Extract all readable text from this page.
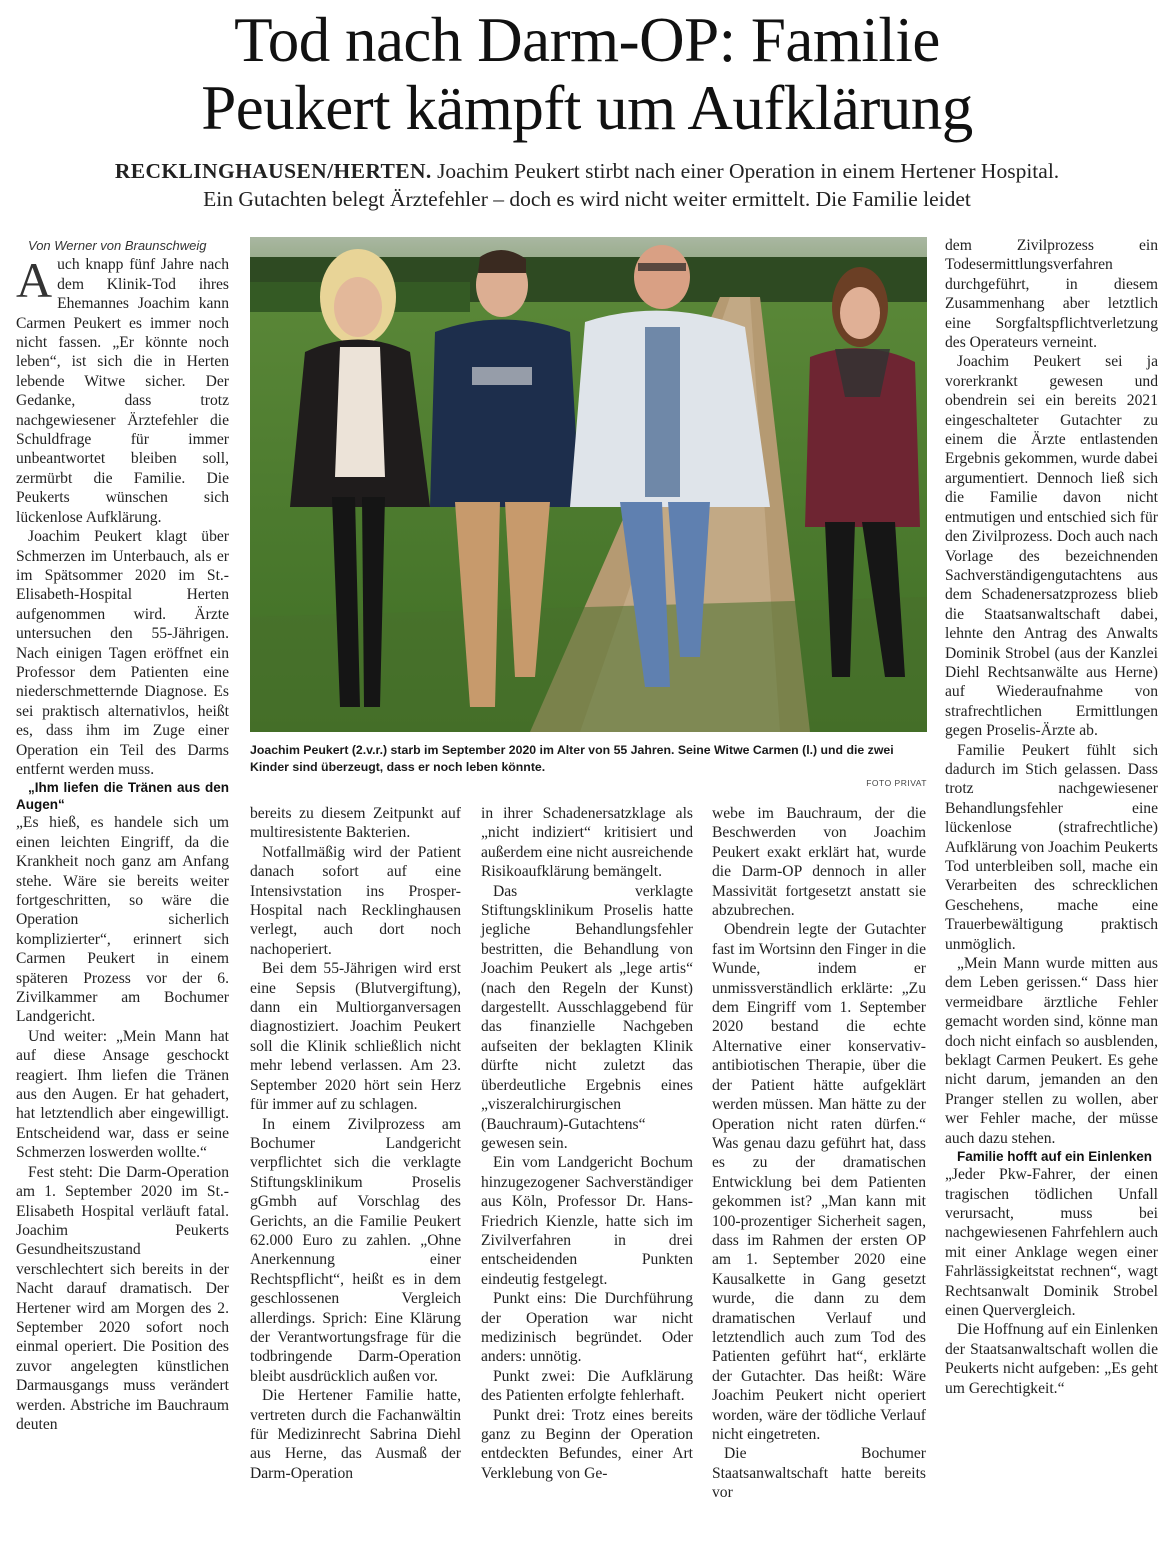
Tod nach Darm-OP: Familie
Peukert kämpft um Aufklärung

RECKLINGHAUSEN/HERTEN. Joachim Peukert stirbt nach einer Operation in einem Hertener Hospital.
Ein Gutachten belegt Ärztefehler – doch es wird nicht weiter ermittelt. Die Familie leidet

Von Werner von Braunschweig

Auch knapp fünf Jahre nach dem Klinik-Tod ihres Ehemannes Joachim kann Carmen Peukert es immer noch nicht fassen. „Er könnte noch leben“, ist sich die in Herten lebende Witwe sicher. Der Gedanke, dass trotz nachgewiesener Ärztefehler die Schuldfrage für immer unbeantwortet bleiben soll, zermürbt die Familie. Die Peukerts wünschen sich lückenlose Aufklärung.

Joachim Peukert klagt über Schmerzen im Unterbauch, als er im Spätsommer 2020 im St.-Elisabeth-Hospital Herten aufgenommen wird. Ärzte untersuchen den 55-Jährigen. Nach einigen Tagen eröffnet ein Professor dem Patienten eine niederschmetternde Diagnose. Es sei praktisch alternativlos, heißt es, dass ihm im Zuge einer Operation ein Teil des Darms entfernt werden muss.

„Ihm liefen die Tränen aus den Augen“

„Es hieß, es handele sich um einen leichten Eingriff, da die Krankheit noch ganz am Anfang stehe. Wäre sie bereits weiter fortgeschritten, so wäre die Operation sicherlich komplizierter“, erinnert sich Carmen Peukert in einem späteren Prozess vor der 6. Zivilkammer am Bochumer Landgericht.

Und weiter: „Mein Mann hat auf diese Ansage geschockt reagiert. Ihm liefen die Tränen aus den Augen. Er hat gehadert, hat letztendlich aber eingewilligt. Entscheidend war, dass er seine Schmerzen loswerden wollte.“

Fest steht: Die Darm-Operation am 1. September 2020 im St.-Elisabeth Hospital verläuft fatal. Joachim Peukerts Gesundheitszustand verschlechtert sich bereits in der Nacht darauf dramatisch. Der Hertener wird am Morgen des 2. September 2020 sofort noch einmal operiert. Die Position des zuvor angelegten künstlichen Darmausgangs muss verändert werden. Abstriche im Bauchraum deuten

Joachim Peukert (2.v.r.) starb im September 2020 im Alter von 55 Jahren. Seine Witwe Carmen (l.) und die zwei Kinder sind überzeugt, dass er noch leben könnte.
FOTO PRIVAT

bereits zu diesem Zeitpunkt auf multiresistente Bakterien.

Notfallmäßig wird der Patient danach sofort auf eine Intensivstation ins Prosper-Hospital nach Recklinghausen verlegt, auch dort noch nachoperiert.

Bei dem 55-Jährigen wird erst eine Sepsis (Blutvergiftung), dann ein Multiorganversagen diagnostiziert. Joachim Peukert soll die Klinik schließlich nicht mehr lebend verlassen. Am 23. September 2020 hört sein Herz für immer auf zu schlagen.

In einem Zivilprozess am Bochumer Landgericht verpflichtet sich die verklagte Stiftungsklinikum Proselis gGmbh auf Vorschlag des Gerichts, an die Familie Peukert 62.000 Euro zu zahlen. „Ohne Anerkennung einer Rechtspflicht“, heißt es in dem geschlossenen Vergleich allerdings. Sprich: Eine Klärung der Verantwortungsfrage für die todbringende Darm-Operation bleibt ausdrücklich außen vor.

Die Hertener Familie hatte, vertreten durch die Fachanwältin für Medizinrecht Sabrina Diehl aus Herne, das Ausmaß der Darm-Operation

in ihrer Schadenersatzklage als „nicht indiziert“ kritisiert und außerdem eine nicht ausreichende Risikoaufklärung bemängelt.

Das verklagte Stiftungsklinikum Proselis hatte jegliche Behandlungsfehler bestritten, die Behandlung von Joachim Peukert als „lege artis“ (nach den Regeln der Kunst) dargestellt. Ausschlaggebend für das finanzielle Nachgeben aufseiten der beklagten Klinik dürfte nicht zuletzt das überdeutliche Ergebnis eines „viszeralchirurgischen (Bauchraum)-Gutachtens“ gewesen sein.

Ein vom Landgericht Bochum hinzugezogener Sachverständiger aus Köln, Professor Dr. Hans-Friedrich Kienzle, hatte sich im Zivilverfahren in drei entscheidenden Punkten eindeutig festgelegt.

Punkt eins: Die Durchführung der Operation war nicht medizinisch begründet. Oder anders: unnötig.

Punkt zwei: Die Aufklärung des Patienten erfolgte fehlerhaft.

Punkt drei: Trotz eines bereits ganz zu Beginn der Operation entdeckten Befundes, einer Art Verklebung von Ge-

webe im Bauchraum, der die Beschwerden von Joachim Peukert exakt erklärt hat, wurde die Darm-OP dennoch in aller Massivität fortgesetzt anstatt sie abzubrechen.

Obendrein legte der Gutachter fast im Wortsinn den Finger in die Wunde, indem er unmissverständlich erklärte: „Zu dem Eingriff vom 1. September 2020 bestand die echte Alternative einer konservativ-antibiotischen Therapie, über die der Patient hätte aufgeklärt werden müssen. Man hätte zu der Operation nicht raten dürfen.“ Was genau dazu geführt hat, dass es zu der dramatischen Entwicklung bei dem Patienten gekommen ist? „Man kann mit 100-prozentiger Sicherheit sagen, dass im Rahmen der ersten OP am 1. September 2020 eine Kausalkette in Gang gesetzt wurde, die dann zu dem dramatischen Verlauf und letztendlich auch zum Tod des Patienten geführt hat“, erklärte der Gutachter. Das heißt: Wäre Joachim Peukert nicht operiert worden, wäre der tödliche Verlauf nicht eingetreten.

Die Bochumer Staatsanwaltschaft hatte bereits vor

dem Zivilprozess ein Todesermittlungsverfahren durchgeführt, in diesem Zusammenhang aber letztlich eine Sorgfaltspflichtverletzung des Operateurs verneint.

Joachim Peukert sei ja vorerkrankt gewesen und obendrein sei ein bereits 2021 eingeschalteter Gutachter zu einem die Ärzte entlastenden Ergebnis gekommen, wurde dabei argumentiert. Dennoch ließ sich die Familie davon nicht entmutigen und entschied sich für den Zivilprozess. Doch auch nach Vorlage des bezeichnenden Sachverständigengutachtens aus dem Schadenersatzprozess blieb die Staatsanwaltschaft dabei, lehnte den Antrag des Anwalts Dominik Strobel (aus der Kanzlei Diehl Rechtsanwälte aus Herne) auf Wiederaufnahme von strafrechtlichen Ermittlungen gegen Proselis-Ärzte ab.

Familie Peukert fühlt sich dadurch im Stich gelassen. Dass trotz nachgewiesener Behandlungsfehler eine lückenlose (strafrechtliche) Aufklärung von Joachim Peukerts Tod unterbleiben soll, mache ein Verarbeiten des schrecklichen Geschehens, mache eine Trauerbewältigung praktisch unmöglich.

„Mein Mann wurde mitten aus dem Leben gerissen.“ Dass hier vermeidbare ärztliche Fehler gemacht worden sind, könne man doch nicht einfach so ausblenden, beklagt Carmen Peukert. Es gehe nicht darum, jemanden an den Pranger stellen zu wollen, aber wer Fehler mache, der müsse auch dazu stehen.

Familie hofft auf ein Einlenken

„Jeder Pkw-Fahrer, der einen tragischen tödlichen Unfall verursacht, muss bei nachgewiesenen Fahrfehlern auch mit einer Anklage wegen einer Fahrlässigkeitstat rechnen“, wagt Rechtsanwalt Dominik Strobel einen Quervergleich.

Die Hoffnung auf ein Einlenken der Staatsanwaltschaft wollen die Peukerts nicht aufgeben: „Es geht um Gerechtigkeit.“
